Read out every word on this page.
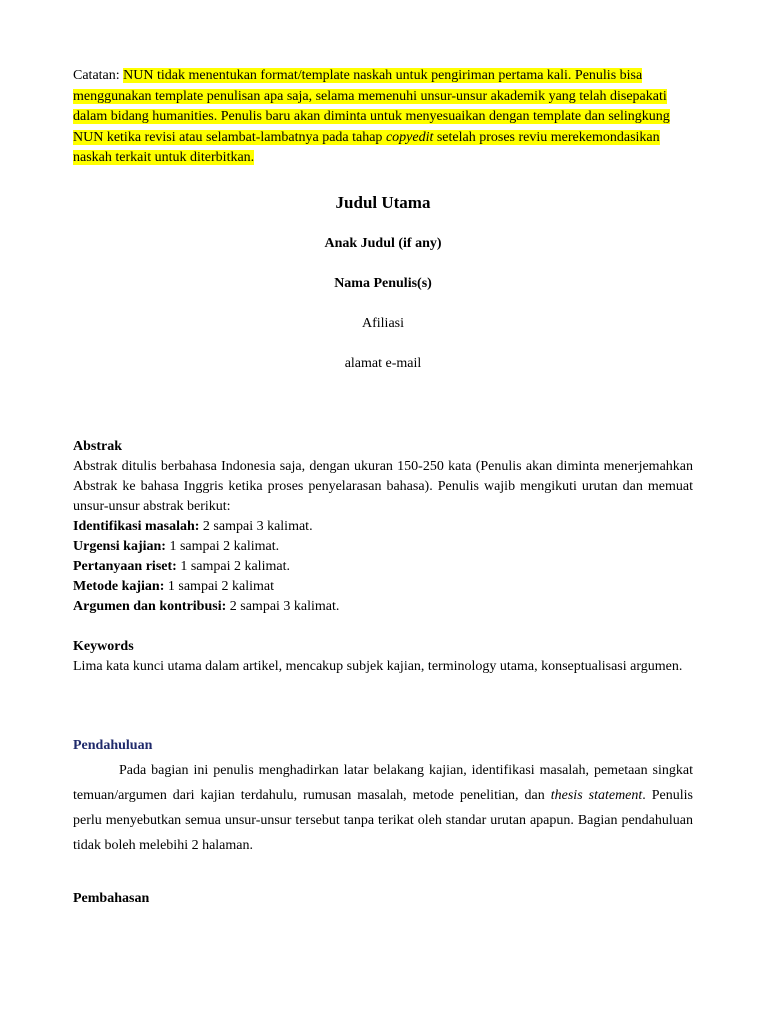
Catatan: NUN tidak menentukan format/template naskah untuk pengiriman pertama kali. Penulis bisa menggunakan template penulisan apa saja, selama memenuhi unsur-unsur akademik yang telah disepakati dalam bidang humanities. Penulis baru akan diminta untuk menyesuaikan dengan template dan selingkung NUN ketika revisi atau selambat-lambatnya pada tahap copyedit setelah proses reviu merekemondasikan naskah terkait untuk diterbitkan.
Judul Utama
Anak Judul (if any)
Nama Penulis(s)
Afiliasi
alamat e-mail
Abstrak
Abstrak ditulis berbahasa Indonesia saja, dengan ukuran 150-250 kata (Penulis akan diminta menerjemahkan Abstrak ke bahasa Inggris ketika proses penyelarasan bahasa). Penulis wajib mengikuti urutan dan memuat unsur-unsur abstrak berikut:
Identifikasi masalah: 2 sampai 3 kalimat.
Urgensi kajian: 1 sampai 2 kalimat.
Pertanyaan riset: 1 sampai 2 kalimat.
Metode kajian: 1 sampai 2 kalimat
Argumen dan kontribusi: 2 sampai 3 kalimat.
Keywords
Lima kata kunci utama dalam artikel, mencakup subjek kajian, terminology utama, konseptualisasi argumen.
Pendahuluan
Pada bagian ini penulis menghadirkan latar belakang kajian, identifikasi masalah, pemetaan singkat temuan/argumen dari kajian terdahulu, rumusan masalah, metode penelitian, dan thesis statement. Penulis perlu menyebutkan semua unsur-unsur tersebut tanpa terikat oleh standar urutan apapun. Bagian pendahuluan tidak boleh melebihi 2 halaman.
Pembahasan
